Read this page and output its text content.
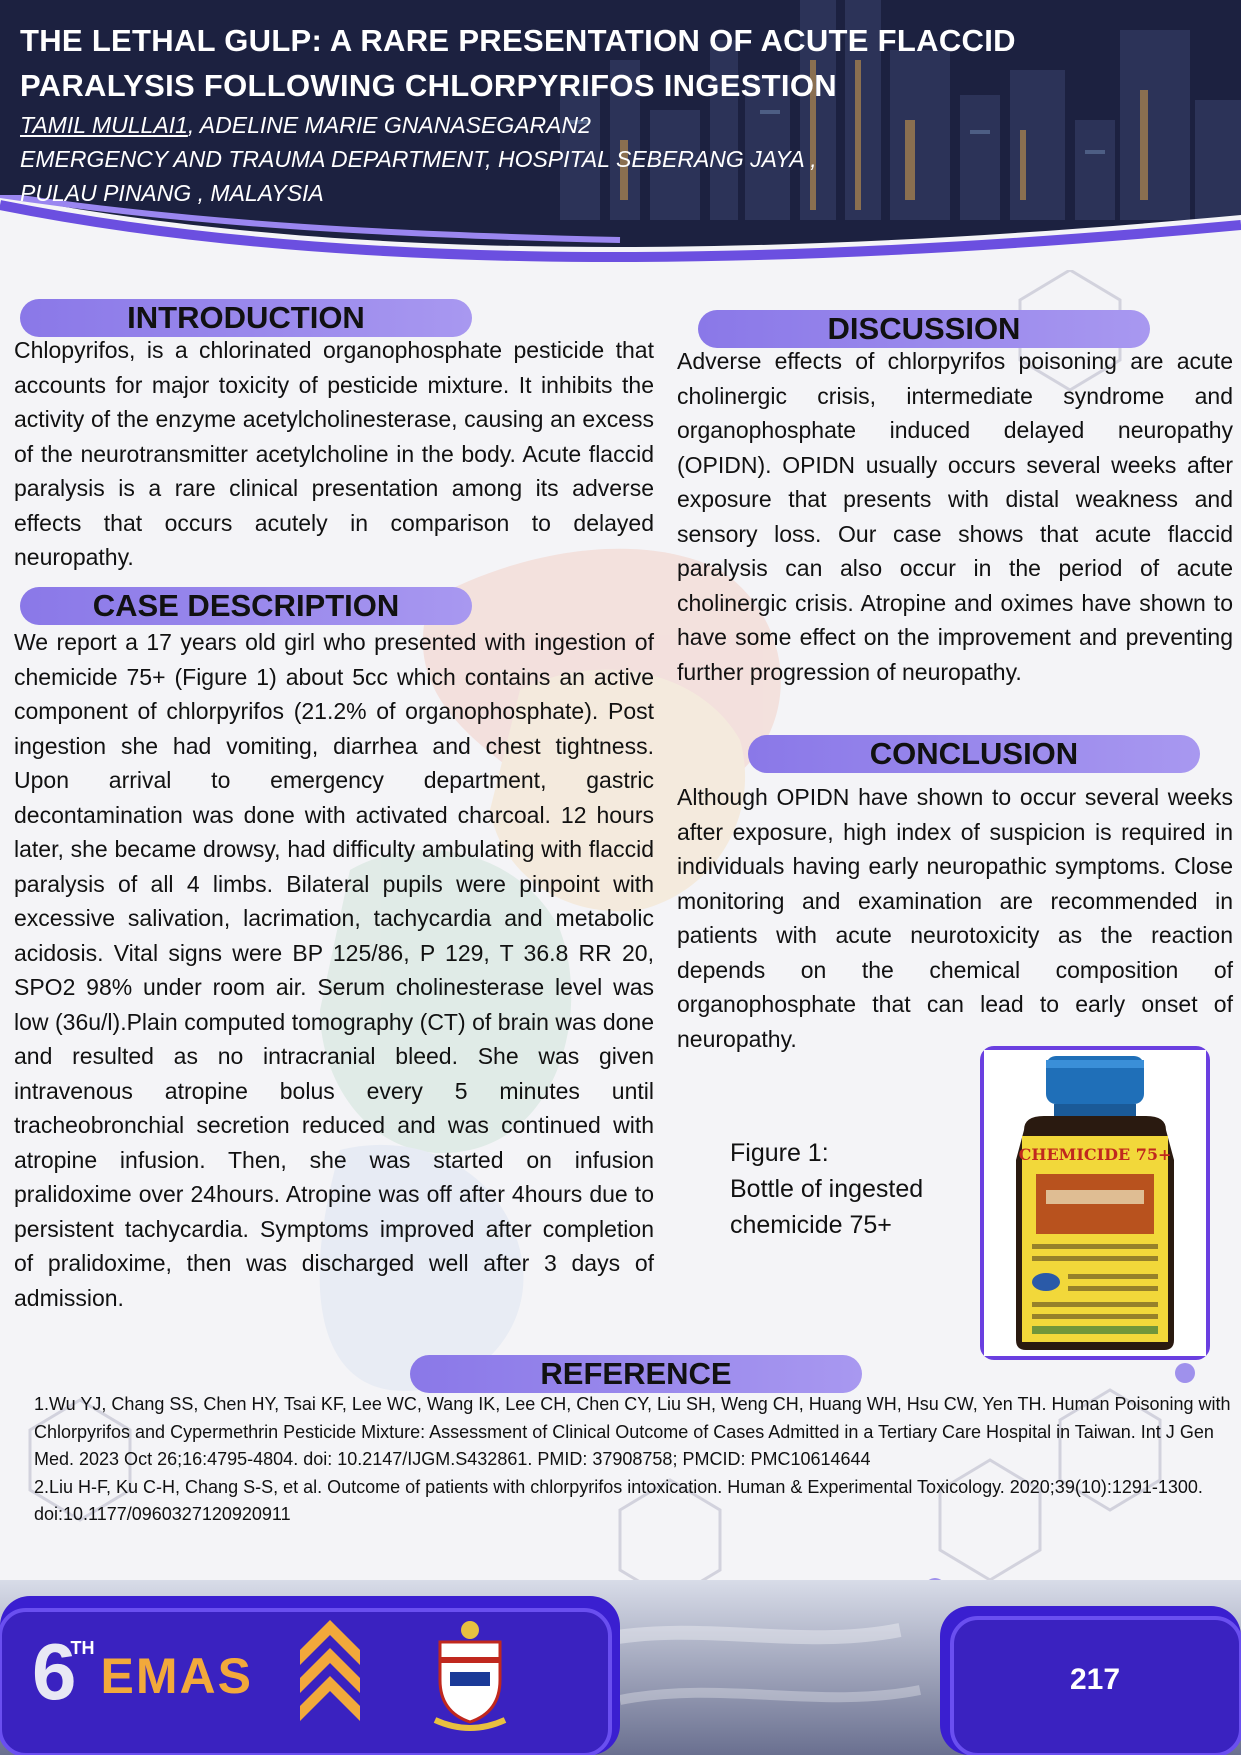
THE LETHAL GULP: A RARE PRESENTATION OF ACUTE FLACCID
PARALYSIS FOLLOWING CHLORPYRIFOS INGESTION

TAMIL MULLAI1, ADELINE MARIE GNANASEGARAN2

EMERGENCY AND TRAUMA DEPARTMENT, HOSPITAL SEBERANG JAYA ,
PULAU PINANG , MALAYSIA

INTRODUCTION

Chlopyrifos, is a chlorinated organophosphate pesticide that accounts for major toxicity of pesticide mixture. It inhibits the activity of the enzyme acetylcholinesterase, causing an excess of the neurotransmitter acetylcholine in the body. Acute flaccid paralysis is a rare clinical presentation among its adverse effects that occurs acutely in comparison to delayed neuropathy.

CASE DESCRIPTION

We report a 17 years old girl who presented with ingestion of chemicide 75+ (Figure 1) about 5cc which contains an active component of chlorpyrifos (21.2% of organophosphate). Post ingestion she had vomiting, diarrhea and chest tightness. Upon arrival to emergency department, gastric decontamination was done with activated charcoal. 12 hours later, she became drowsy, had difficulty ambulating with flaccid paralysis of all 4 limbs. Bilateral pupils were pinpoint with excessive salivation, lacrimation, tachycardia and metabolic acidosis. Vital signs were BP 125/86, P 129, T 36.8 RR 20, SPO2 98% under room air. Serum cholinesterase level was low (36u/l).Plain computed tomography (CT) of brain was done and resulted as no intracranial bleed. She was given intravenous atropine bolus every 5 minutes until tracheobronchial secretion reduced and was continued with atropine infusion. Then, she was started on infusion pralidoxime over 24hours. Atropine was off after 4hours due to persistent tachycardia. Symptoms improved after completion of pralidoxime, then was discharged well after 3 days of admission.

DISCUSSION

Adverse effects of chlorpyrifos poisoning are acute cholinergic crisis, intermediate syndrome and organophosphate induced delayed neuropathy (OPIDN). OPIDN usually occurs several weeks after exposure that presents with distal weakness and sensory loss. Our case shows that acute flaccid paralysis can also occur in the period of acute cholinergic crisis. Atropine and oximes have shown to have some effect on the improvement and preventing further progression of neuropathy.

CONCLUSION

Although OPIDN have shown to occur several weeks after exposure, high index of suspicion is required in individuals having early neuropathic symptoms. Close monitoring and examination are recommended in patients with acute neurotoxicity as the reaction depends on the chemical composition of organophosphate that can lead to early onset of neuropathy.

Figure 1:
Bottle of ingested
chemicide 75+

CHEMICIDE 75+
REFERENCE

1.Wu YJ, Chang SS, Chen HY, Tsai KF, Lee WC, Wang IK, Lee CH, Chen CY, Liu SH, Weng CH, Huang WH, Hsu CW, Yen TH. Human Poisoning with Chlorpyrifos and Cypermethrin Pesticide Mixture: Assessment of Clinical Outcome of Cases Admitted in a Tertiary Care Hospital in Taiwan. Int J Gen Med. 2023 Oct 26;16:4795-4804. doi: 10.2147/IJGM.S432861. PMID: 37908758; PMCID: PMC10614644

2.Liu H-F, Ku C-H, Chang S-S, et al. Outcome of patients with chlorpyrifos intoxication. Human & Experimental Toxicology. 2020;39(10):1291-1300. doi:10.1177/0960327120920911

6TH EMAS	217
